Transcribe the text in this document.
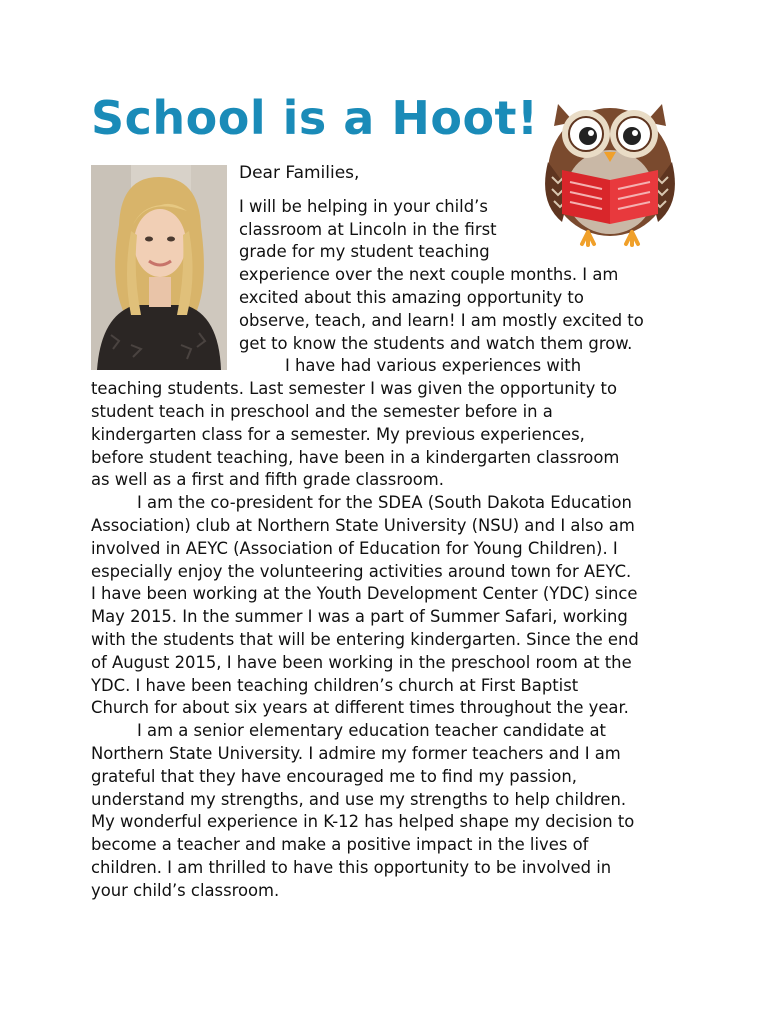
School is a Hoot!
Dear Families,
I will be helping in your child’s
classroom at Lincoln in the first
grade for my student teaching
experience over the next couple months. I am
excited about this amazing opportunity to
observe, teach, and learn! I am mostly excited to
get to know the students and watch them grow.
I have had various experiences with
teaching students. Last semester I was given the opportunity to
student teach in preschool and the semester before in a
kindergarten class for a semester. My previous experiences,
before student teaching, have been in a kindergarten classroom
as well as a first and fifth grade classroom.
I am the co-president for the SDEA (South Dakota Education
Association) club at Northern State University (NSU) and I also am
involved in AEYC (Association of Education for Young Children). I
especially enjoy the volunteering activities around town for AEYC.
I have been working at the Youth Development Center (YDC) since
May 2015. In the summer I was a part of Summer Safari, working
with the students that will be entering kindergarten. Since the end
of August 2015, I have been working in the preschool room at the
YDC. I have been teaching children’s church at First Baptist
Church for about six years at different times throughout the year.
I am a senior elementary education teacher candidate at
Northern State University. I admire my former teachers and I am
grateful that they have encouraged me to find my passion,
understand my strengths, and use my strengths to help children.
My wonderful experience in K-12 has helped shape my decision to
become a teacher and make a positive impact in the lives of
children. I am thrilled to have this opportunity to be involved in
your child’s classroom.
